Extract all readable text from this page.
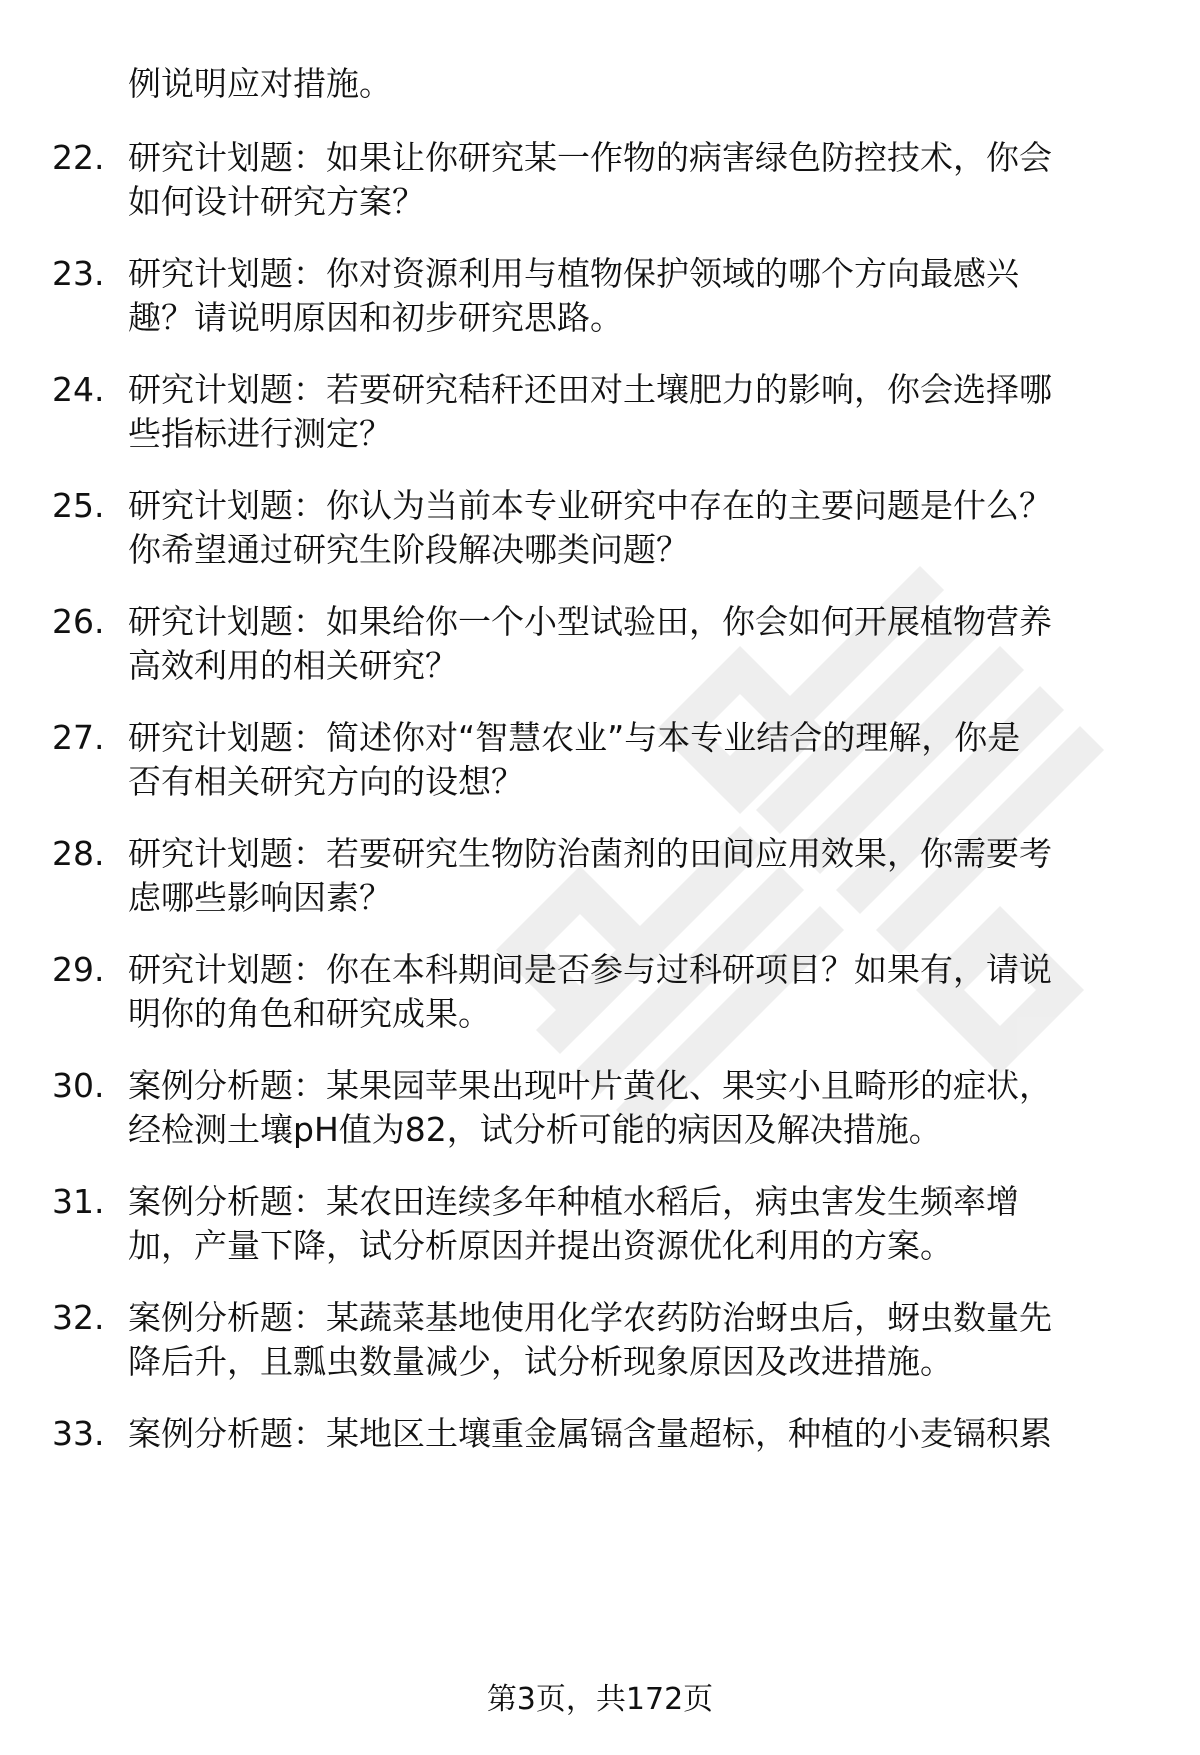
例说明应对措施。
22. 研究计划题：如果让你研究某一作物的病害绿色防控技术，你会
如何设计研究方案？
23. 研究计划题：你对资源利用与植物保护领域的哪个方向最感兴
趣？请说明原因和初步研究思路。
24. 研究计划题：若要研究秸秆还田对土壤肥力的影响，你会选择哪
些指标进行测定？
25. 研究计划题：你认为当前本专业研究中存在的主要问题是什么？
你希望通过研究生阶段解决哪类问题？
26. 研究计划题：如果给你一个小型试验田，你会如何开展植物营养
高效利用的相关研究？
27. 研究计划题：简述你对“智慧农业”与本专业结合的理解，你是
否有相关研究方向的设想？
28. 研究计划题：若要研究生物防治菌剂的田间应用效果，你需要考
虑哪些影响因素？
29. 研究计划题：你在本科期间是否参与过科研项目？如果有，请说
明你的角色和研究成果。
30. 案例分析题：某果园苹果出现叶片黄化、果实小且畸形的症状，
经检测土壤pH值为82，试分析可能的病因及解决措施。
31. 案例分析题：某农田连续多年种植水稻后，病虫害发生频率增
加，产量下降，试分析原因并提出资源优化利用的方案。
32. 案例分析题：某蔬菜基地使用化学农药防治蚜虫后，蚜虫数量先
降后升，且瓢虫数量减少，试分析现象原因及改进措施。
33. 案例分析题：某地区土壤重金属镉含量超标，种植的小麦镉积累
第3页，共172页
